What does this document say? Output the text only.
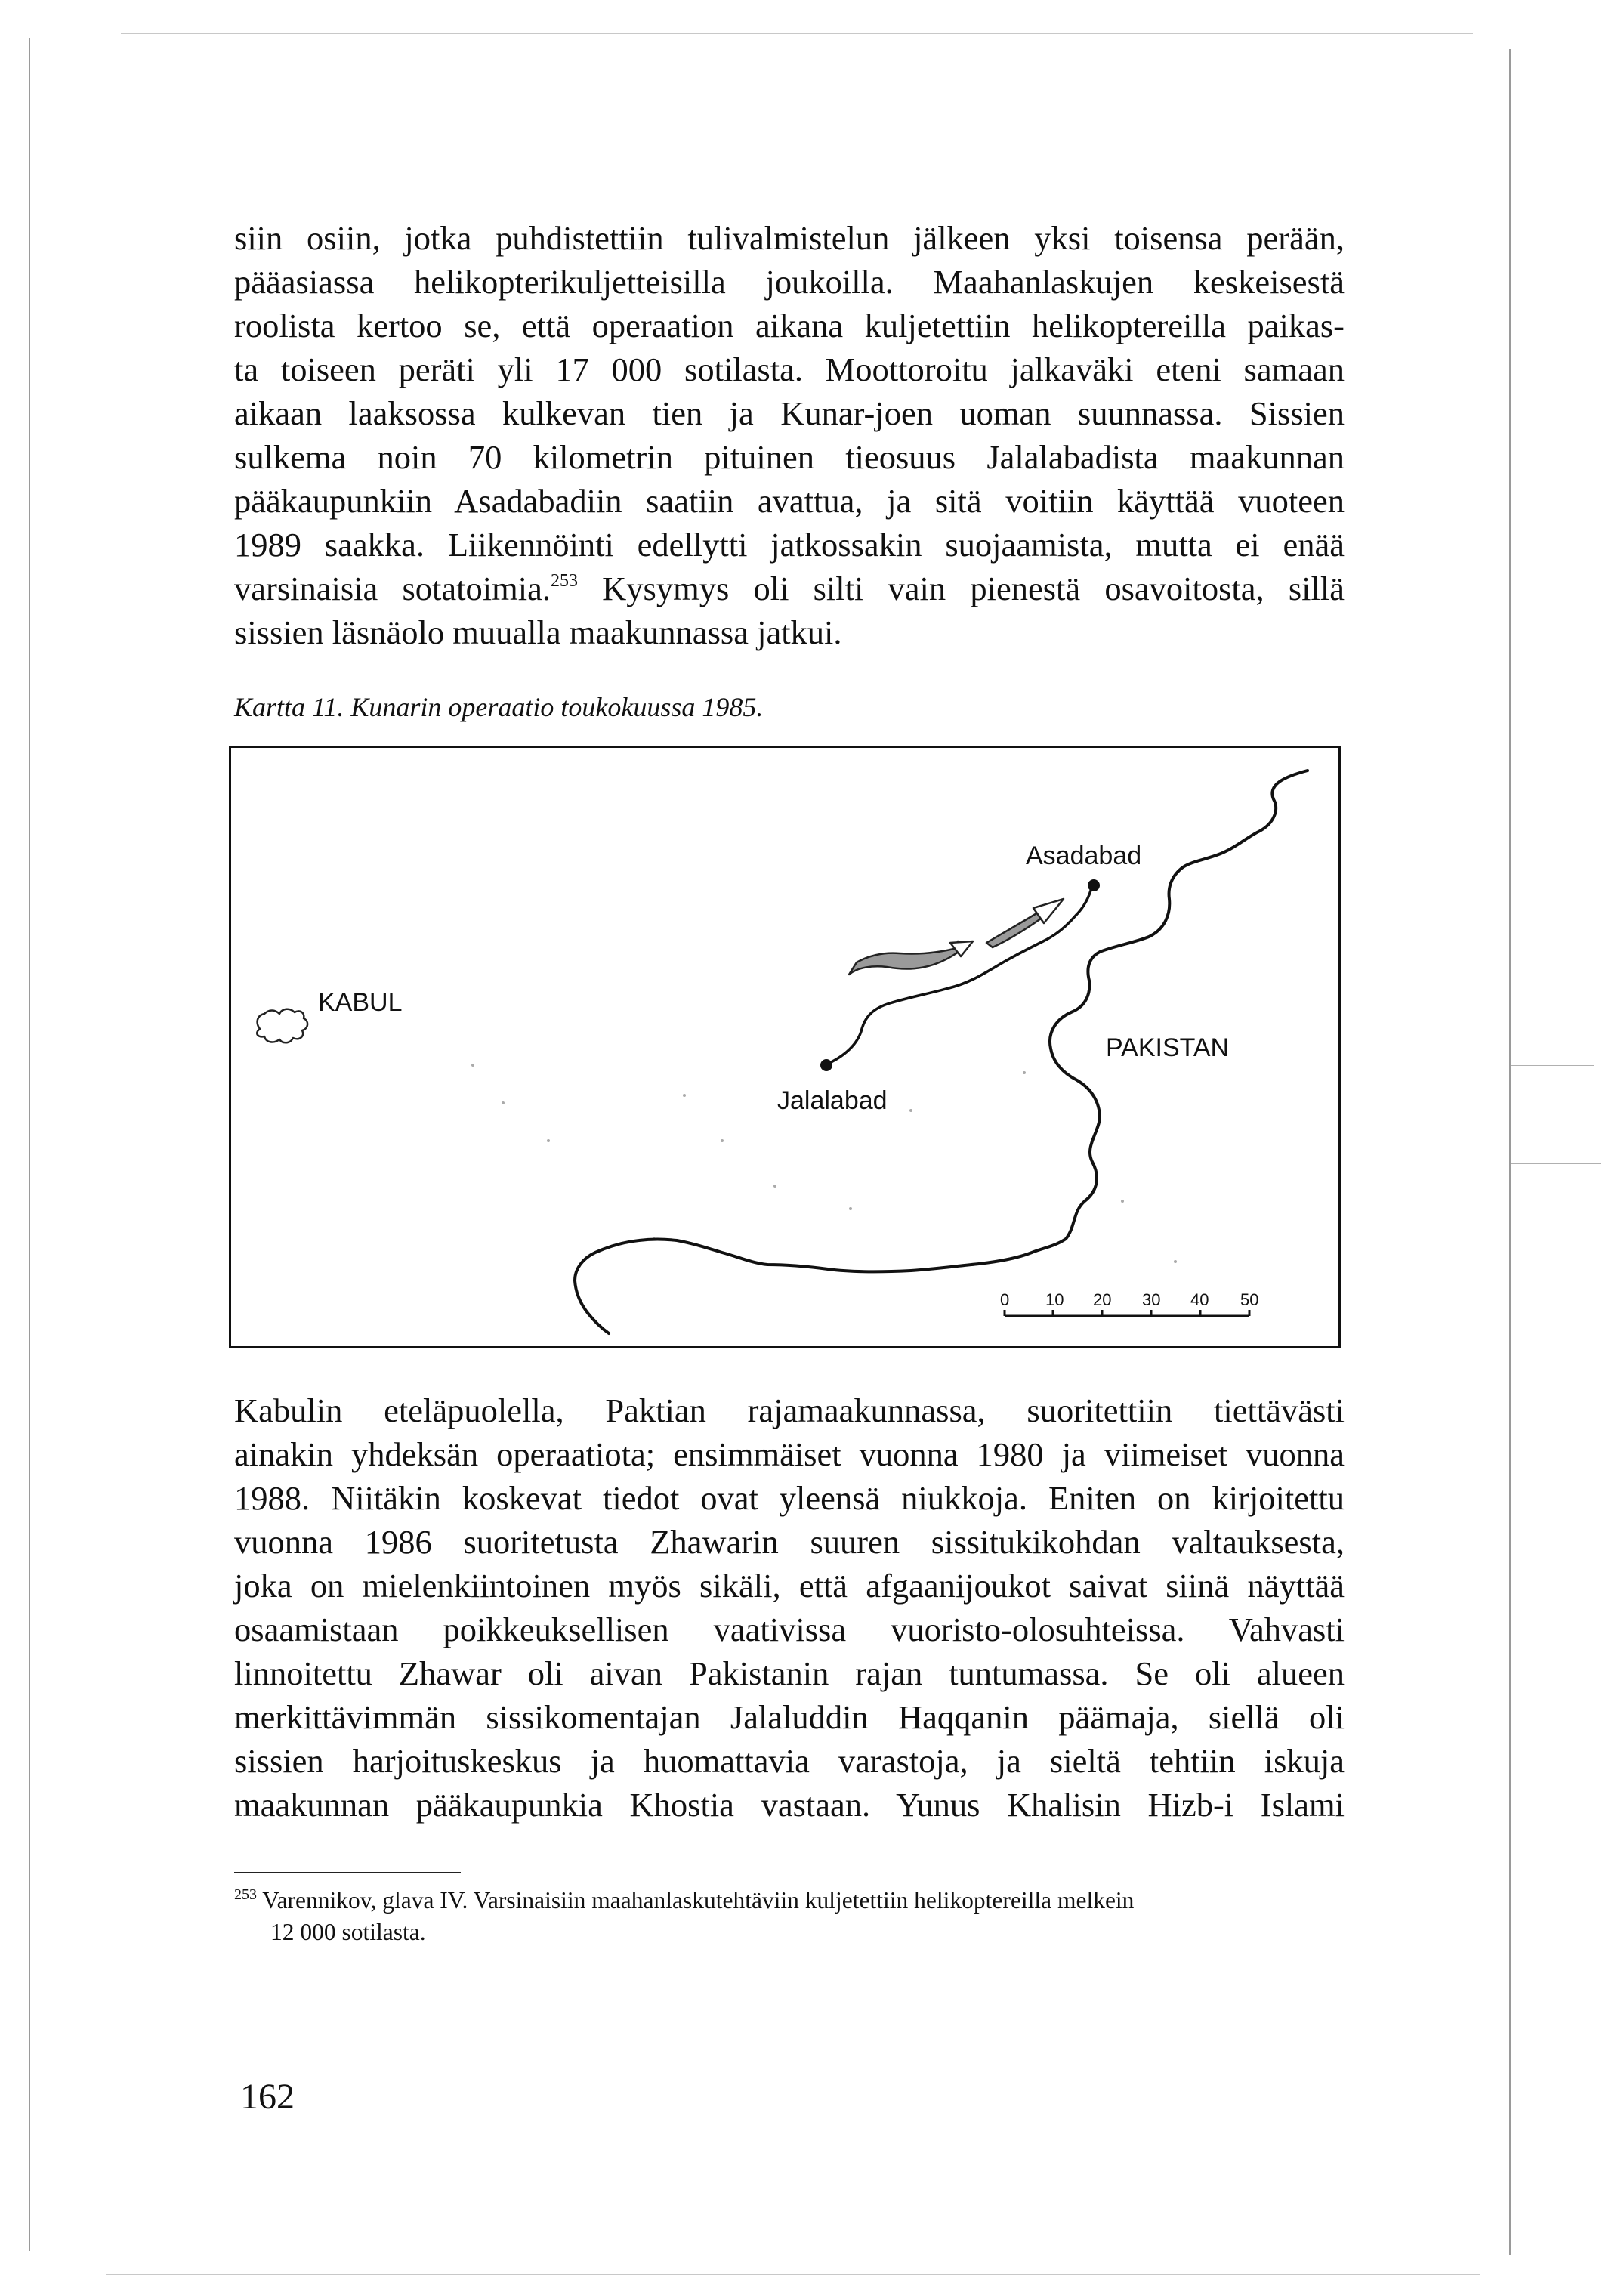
siin osiin, jotka puhdistettiin tulivalmistelun jälkeen yksi toisensa perään,
pääasiassa helikopterikuljetteisilla joukoilla. Maahanlaskujen keskeisestä
roolista kertoo se, että operaation aikana kuljetettiin helikoptereilla paikas-
ta toiseen peräti yli 17 000 sotilasta. Moottoroitu jalkaväki eteni samaan
aikaan laaksossa kulkevan tien ja Kunar-joen uoman suunnassa. Sissien
sulkema noin 70 kilometrin pituinen tieosuus Jalalabadista maakunnan
pääkaupunkiin Asadabadiin saatiin avattua, ja sitä voitiin käyttää vuoteen
1989 saakka. Liikennöinti edellytti jatkossakin suojaamista, mutta ei enää
varsinaisia sotatoimia.$^{253}$ Kysymys oli silti vain pienestä osavoitosta, sillä
sissien läsnäolo muualla maakunnassa jatkui.

Kartta 11. Kunarin operaatio toukokuussa 1985.

KABUL
Asadabad
Jalalabad
PAKISTAN
0 10 20 30 40 50
Kabulin eteläpuolella, Paktian rajamaakunnassa, suoritettiin tiettävästi
ainakin yhdeksän operaatiota; ensimmäiset vuonna 1980 ja viimeiset vuonna
1988. Niitäkin koskevat tiedot ovat yleensä niukkoja. Eniten on kirjoitettu
vuonna 1986 suoritetusta Zhawarin suuren sissitukikohdan valtauksesta,
joka on mielenkiintoinen myös sikäli, että afgaanijoukot saivat siinä näyttää
osaamistaan poikkeuksellisen vaativissa vuoristo-olosuhteissa. Vahvasti
linnoitettu Zhawar oli aivan Pakistanin rajan tuntumassa. Se oli alueen
merkittävimmän sissikomentajan Jalaluddin Haqqanin päämaja, siellä oli
sissien harjoituskeskus ja huomattavia varastoja, ja sieltä tehtiin iskuja
maakunnan pääkaupunkia Khostia vastaan. Yunus Khalisin Hizb-i Islami

$^{253}$ Varennikov, glava IV. Varsinaisiin maahanlaskutehtäviin kuljetettiin helikoptereilla melkein
12 000 sotilasta.

162
